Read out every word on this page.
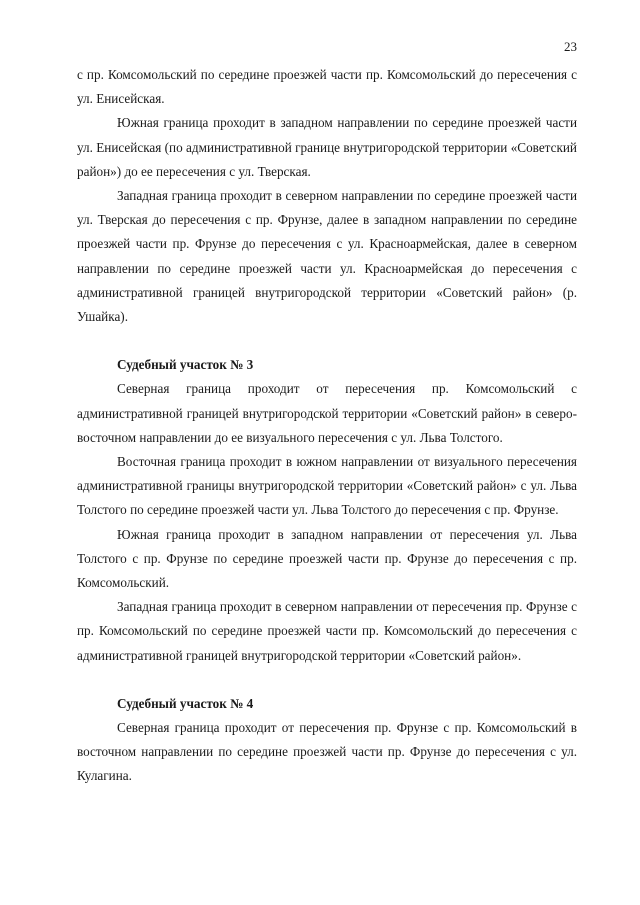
23

с пр. Комсомольский по середине проезжей части пр. Комсомольский до пересечения с ул. Енисейская.

Южная граница проходит в западном направлении по середине проезжей части ул. Енисейская (по административной границе внутригородской территории «Советский район») до ее пересечения с ул. Тверская.

Западная граница проходит в северном направлении по середине проезжей части ул. Тверская до пересечения с пр. Фрунзе, далее в западном направлении по середине проезжей части пр. Фрунзе до пересечения с ул. Красноармейская, далее в северном направлении по середине проезжей части ул. Красноармейская до пересечения с административной границей внутригородской территории «Советский район» (р. Ушайка).

Судебный участок № 3

Северная граница проходит от пересечения пр. Комсомольский с административной границей внутригородской территории «Советский район» в северо-восточном направлении до ее визуального пересечения с ул. Льва Толстого.

Восточная граница проходит в южном направлении от визуального пересечения административной границы внутригородской территории «Советский район» с ул. Льва Толстого по середине проезжей части ул. Льва Толстого до пересечения с пр. Фрунзе.

Южная граница проходит в западном направлении от пересечения ул. Льва Толстого с пр. Фрунзе по середине проезжей части пр. Фрунзе до пересечения с пр. Комсомольский.

Западная граница проходит в северном направлении от пересечения пр. Фрунзе с пр. Комсомольский по середине проезжей части пр. Комсомольский до пересечения с административной границей внутригородской территории «Советский район».

Судебный участок № 4

Северная граница проходит от пересечения пр. Фрунзе с пр. Комсомольский в восточном направлении по середине проезжей части пр. Фрунзе до пересечения с ул. Кулагина.
